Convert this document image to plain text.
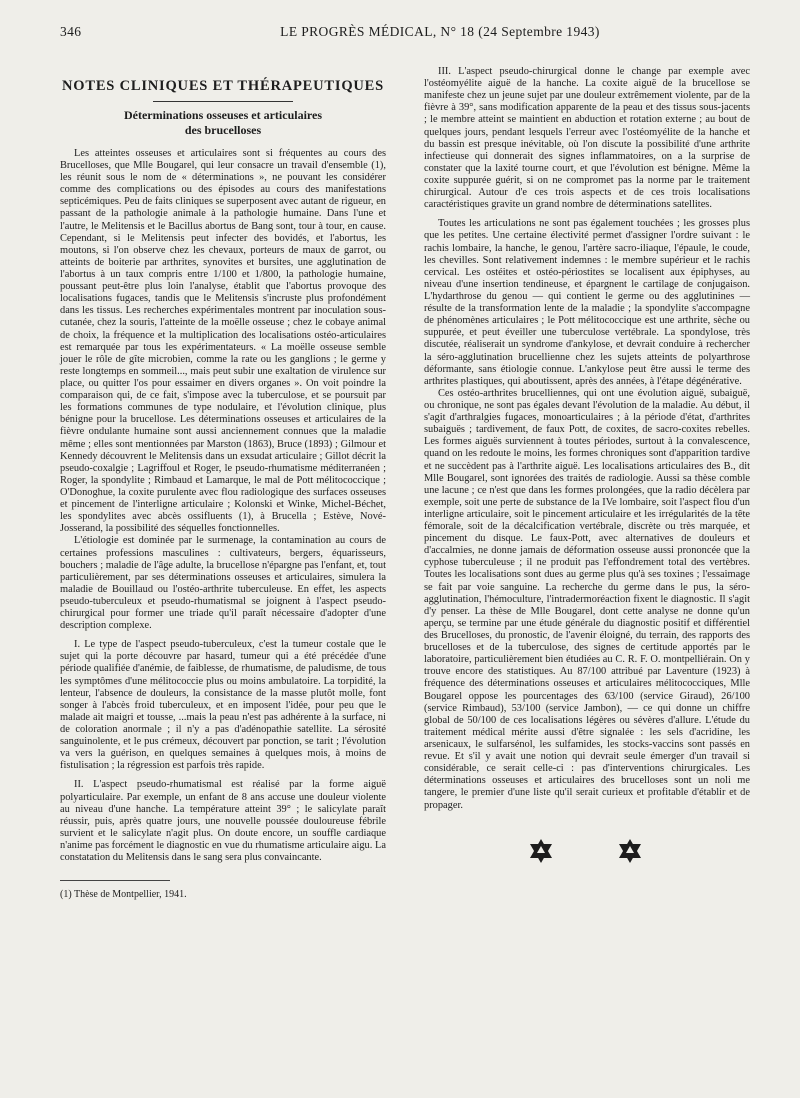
346	LE PROGRÈS MÉDICAL, N° 18 (24 Septembre 1943)
NOTES CLINIQUES ET THÉRAPEUTIQUES
Déterminations osseuses et articulaires
des brucelloses

Les atteintes osseuses et articulaires sont si fréquentes au cours des Brucelloses, que Mlle Bougarel, qui leur consacre un travail d'ensemble (1), les réunit sous le nom de « déterminations », ne pouvant les considérer comme des complications ou des épisodes au cours des manifestations septicémiques. Peu de faits cliniques se superposent avec autant de rigueur, en passant de la pathologie animale à la pathologie humaine. Dans l'une et l'autre, le Melitensis et le Bacillus abortus de Bang sont, tour à tour, en cause. Cependant, si le Melitensis peut infecter des bovidés, et l'abortus, les moutons, si l'on observe chez les chevaux, porteurs de maux de garrot, ou atteints de boiterie par arthrites, synovites et bursites, une agglutination de l'abortus à un taux compris entre 1/100 et 1/800, la pathologie humaine, poussant peut-être plus loin l'analyse, établit que l'abortus provoque des localisations fugaces, tandis que le Melitensis s'incruste plus profondément dans les tissus. Les recherches expérimentales montrent par inoculation sous-cutanée, chez la souris, l'atteinte de la moëlle osseuse ; chez le cobaye animal de choix, la fréquence et la multiplication des localisations ostéo-articulaires est remarquée par tous les expérimentateurs. « La moëlle osseuse semble jouer le rôle de gîte microbien, comme la rate ou les ganglions ; le germe y reste longtemps en sommeil..., mais peut subir une exaltation de virulence sur place, ou quitter l'os pour essaimer en divers organes ». On voit poindre la comparaison qui, de ce fait, s'impose avec la tuberculose, et se poursuit par les formations communes de type nodulaire, et l'évolution clinique, plus bénigne pour la brucellose. Les déterminations osseuses et articulaires de la fièvre ondulante humaine sont aussi anciennement connues que la maladie même ; elles sont mentionnées par Marston (1863), Bruce (1893) ; Gilmour et Kennedy découvrent le Melitensis dans un exsudat articulaire ; Gillot décrit la pseudo-coxalgie ; Lagriffoul et Roger, le pseudo-rhumatisme méditerranéen ; Roger, la spondylite ; Rimbaud et Lamarque, le mal de Pott mélitococcique ; O'Donoghue, la coxite purulente avec flou radiologique des surfaces osseuses et pincement de l'interligne articulaire ; Kolonski et Winke, Michel-Béchet, les spondylites avec abcès ossifluents (1), à Brucella ; Estève, Nové-Josserand, la possibilité des séquelles fonctionnelles.

L'étiologie est dominée par le surmenage, la contamination au cours de certaines professions masculines : cultivateurs, bergers, équarisseurs, bouchers ; maladie de l'âge adulte, la brucellose n'épargne pas l'enfant, et, tout particulièrement, par ses déterminations osseuses et articulaires, simulera la maladie de Bouillaud ou l'ostéo-arthrite tuberculeuse. En effet, les aspects pseudo-tuberculeux et pseudo-rhumatismal se joignent à l'aspect pseudo-chirurgical pour former une triade qu'il paraît nécessaire d'adopter d'une description complexe.

I. Le type de l'aspect pseudo-tuberculeux, c'est la tumeur costale que le sujet qui la porte découvre par hasard, tumeur qui a été précédée d'une période qualifiée d'anémie, de faiblesse, de rhumatisme, de paludisme, de tous les symptômes d'une mélitococcie plus ou moins ambulatoire. La torpidité, la lenteur, l'absence de douleurs, la consistance de la masse plutôt molle, font songer à l'abcès froid tuberculeux, et en imposent l'idée, pour peu que le malade ait maigri et tousse, ...mais la peau n'est pas adhérente à la surface, ni de coloration anormale ; il n'y a pas d'adénopathie satellite. La sérosité sanguinolente, et le pus crémeux, découvert par ponction, se tarit ; l'évolution va vers la guérison, en quelques semaines à quelques mois, à moins de fistulisation ; la régression est parfois très rapide.

II. L'aspect pseudo-rhumatismal est réalisé par la forme aiguë polyarticulaire. Par exemple, un enfant de 8 ans accuse une douleur violente au niveau d'une hanche. La température atteint 39° ; le salicylate paraît réussir, puis, après quatre jours, une nouvelle poussée douloureuse fébrile survient et le salicylate n'agit plus. On doute encore, un souffle cardiaque n'anime pas forcément le diagnostic en vue du rhumatisme articulaire aigu. La constatation du Melitensis dans le sang sera plus convaincante.

(1) Thèse de Montpellier, 1941.

III. L'aspect pseudo-chirurgical donne le change par exemple avec l'ostéomyélite aiguë de la hanche. La coxite aiguë de la brucellose se manifeste chez un jeune sujet par une douleur extrêmement violente, par de la fièvre à 39°, sans modification apparente de la peau et des tissus sous-jacents ; le membre atteint se maintient en abduction et rotation externe ; au bout de quelques jours, pendant lesquels l'erreur avec l'ostéomyélite de la hanche et du bassin est presque inévitable, où l'on discute la possibilité d'une arthrite infectieuse qui donnerait des signes inflammatoires, on a la surprise de constater que la laxité tourne court, et que l'évolution est bénigne. Même la coxite suppurée guérit, si on ne compromet pas la norme par le traitement chirurgical. Autour d'e ces trois aspects et de ces trois localisations caractéristiques gravite un grand nombre de déterminations satellites.

Toutes les articulations ne sont pas également touchées ; les grosses plus que les petites. Une certaine électivité permet d'assigner l'ordre suivant : le rachis lombaire, la hanche, le genou, l'artère sacro-iliaque, l'épaule, le coude, les chevilles. Sont relativement indemnes : le membre supérieur et le rachis cervical. Les ostéites et ostéo-périostites se localisent aux épiphyses, au niveau d'une insertion tendineuse, et épargnent le cartilage de conjugaison. L'hydarthrose du genou — qui contient le germe ou des agglutinines — résulte de la transformation lente de la maladie ; la spondylite s'accompagne de phénomènes articulaires ; le Pott mélitococcique est une arthrite, sèche ou suppurée, et peut éveiller une tuberculose vertébrale. La spondylose, très discutée, réaliserait un syndrome d'ankylose, et devrait conduire à rechercher la séro-agglutination brucellienne chez les sujets atteints de polyarthrose déformante, sans étiologie connue. L'ankylose peut être aussi le terme des arthrites plastiques, qui aboutissent, après des années, à l'étape dégénérative.

Ces ostéo-arthrites brucelliennes, qui ont une évolution aiguë, subaiguë, ou chronique, ne sont pas égales devant l'évolution de la maladie. Au début, il s'agit d'arthralgies fugaces, monoarticulaires ; à la période d'état, d'arthrites subaiguës ; tardivement, de faux Pott, de coxites, de sacro-coxites rebelles. Les formes aiguës surviennent à toutes périodes, surtout à la convalescence, quand on les redoute le moins, les formes chroniques sont d'apparition tardive et ne succèdent pas à l'arthrite aiguë. Les localisations articulaires des B., dit Mlle Bougarel, sont ignorées des traités de radiologie. Aussi sa thèse comble une lacune ; ce n'est que dans les formes prolongées, que la radio décèlera par exemple, soit une perte de substance de la IVe lombaire, soit l'aspect flou d'un interligne articulaire, soit le pincement articulaire et les irrégularités de la tête fémorale, soit de la décalcification vertébrale, discrète ou très marquée, et pincement du disque. Le faux-Pott, avec alternatives de douleurs et d'accalmies, ne donne jamais de déformation osseuse aussi prononcée que la cyphose tuberculeuse ; il ne produit pas l'effondrement total des vertèbres. Toutes les localisations sont dues au germe plus qu'à ses toxines ; l'essaimage se fait par voie sanguine. La recherche du germe dans le pus, la séro-agglutination, l'hémoculture, l'intradermoréaction fixent le diagnostic. Il s'agit d'y penser. La thèse de Mlle Bougarel, dont cette analyse ne donne qu'un aperçu, se termine par une étude générale du diagnostic positif et différentiel des Brucelloses, du pronostic, de l'avenir éloigné, du terrain, des rapports des brucelloses et de la tuberculose, des signes de certitude apportés par le laboratoire, particulièrement bien étudiées au C. R. F. O. montpelliérain. On y trouve encore des statistiques. Au 87/100 attribué par Laventure (1923) à fréquence des déterminations osseuses et articulaires mélitococciques, Mlle Bougarel oppose les pourcentages des 63/100 (service Giraud), 26/100 (service Rimbaud), 53/100 (service Jambon), — ce qui donne un chiffre global de 50/100 de ces localisations légères ou sévères d'allure. L'étude du traitement médical mérite aussi d'être signalée : les sels d'acridine, les arsenicaux, le sulfarsénol, les sulfamides, les stocks-vaccins sont passés en revue. Et s'il y avait une notion qui devrait seule émerger d'un travail si considérable, ce serait celle-ci : pas d'interventions chirurgicales. Les déterminations osseuses et articulaires des brucelloses sont un noli me tangere, le premier d'une liste qu'il serait curieux et profitable d'établir et de propager.
